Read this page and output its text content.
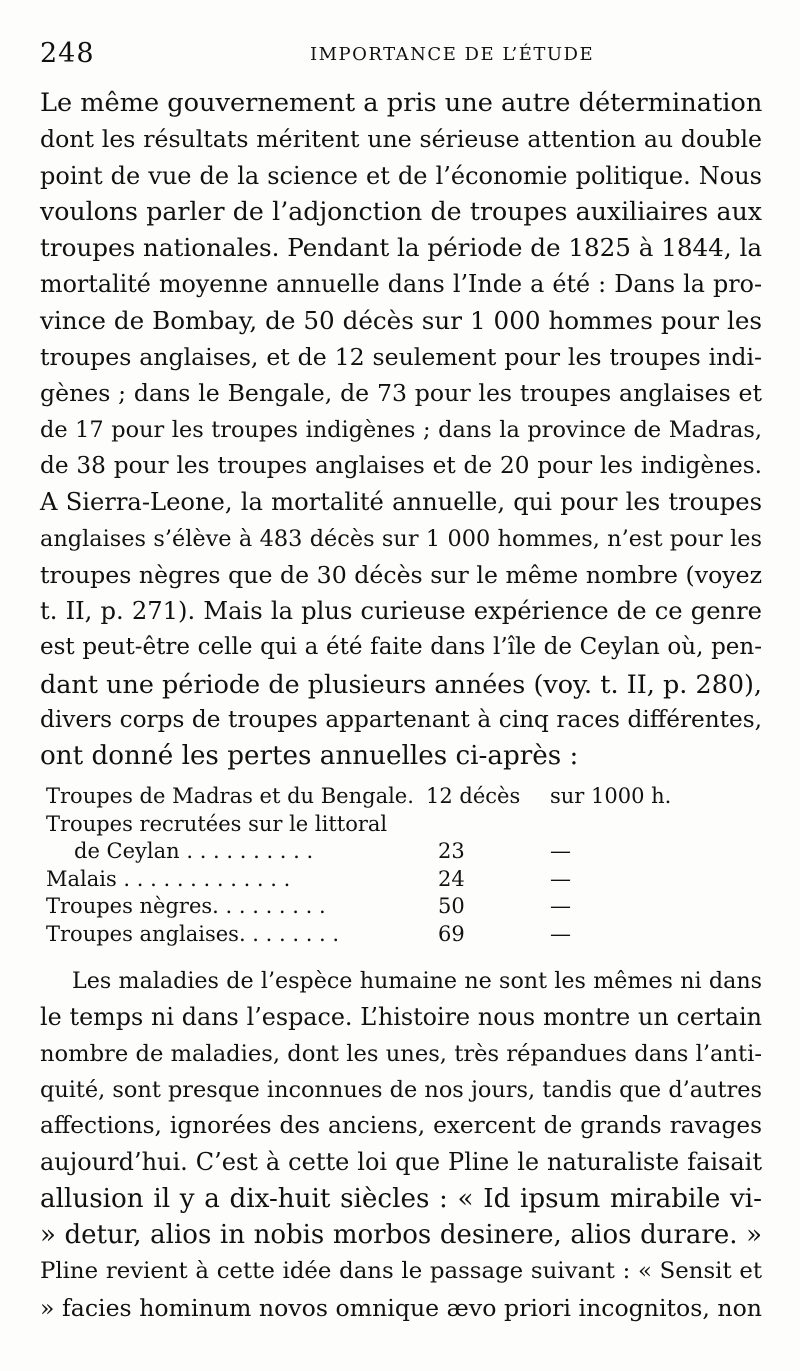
248	IMPORTANCE DE L’ÉTUDE
Le même gouvernement a pris une autre détermination
dont les résultats méritent une sérieuse attention au double
point de vue de la science et de l’économie politique. Nous
voulons parler de l’adjonction de troupes auxiliaires aux
troupes nationales. Pendant la période de 1825 à 1844, la
mortalité moyenne annuelle dans l’Inde a été : Dans la pro-
vince de Bombay, de 50 décès sur 1 000 hommes pour les
troupes anglaises, et de 12 seulement pour les troupes indi-
gènes ; dans le Bengale, de 73 pour les troupes anglaises et
de 17 pour les troupes indigènes ; dans la province de Madras,
de 38 pour les troupes anglaises et de 20 pour les indigènes.
A Sierra-Leone, la mortalité annuelle, qui pour les troupes
anglaises s’élève à 483 décès sur 1 000 hommes, n’est pour les
troupes nègres que de 30 décès sur le même nombre (voyez
t. II, p. 271). Mais la plus curieuse expérience de ce genre
est peut-être celle qui a été faite dans l’île de Ceylan où, pen-
dant une période de plusieurs années (voy. t. II, p. 280),
divers corps de troupes appartenant à cinq races différentes,
ont donné les pertes annuelles ci-après :
Troupes de Madras et du Bengale. 12 décès sur 1000 h.
Troupes recrutées sur le littoral
de Ceylan . . . . . . . . . .	23	—
Malais . . . . . . . . . . . . .	24	—
Troupes nègres. . . . . . . . .	50	—
Troupes anglaises. . . . . . . .	69	—
Les maladies de l’espèce humaine ne sont les mêmes ni dans
le temps ni dans l’espace. L’histoire nous montre un certain
nombre de maladies, dont les unes, très répandues dans l’anti-
quité, sont presque inconnues de nos jours, tandis que d’autres
affections, ignorées des anciens, exercent de grands ravages
aujourd’hui. C’est à cette loi que Pline le naturaliste faisait
allusion il y a dix-huit siècles : « Id ipsum mirabile vi-
» detur, alios in nobis morbos desinere, alios durare. »
Pline revient à cette idée dans le passage suivant : « Sensit et
» facies hominum novos omnique ævo priori incognitos, non
